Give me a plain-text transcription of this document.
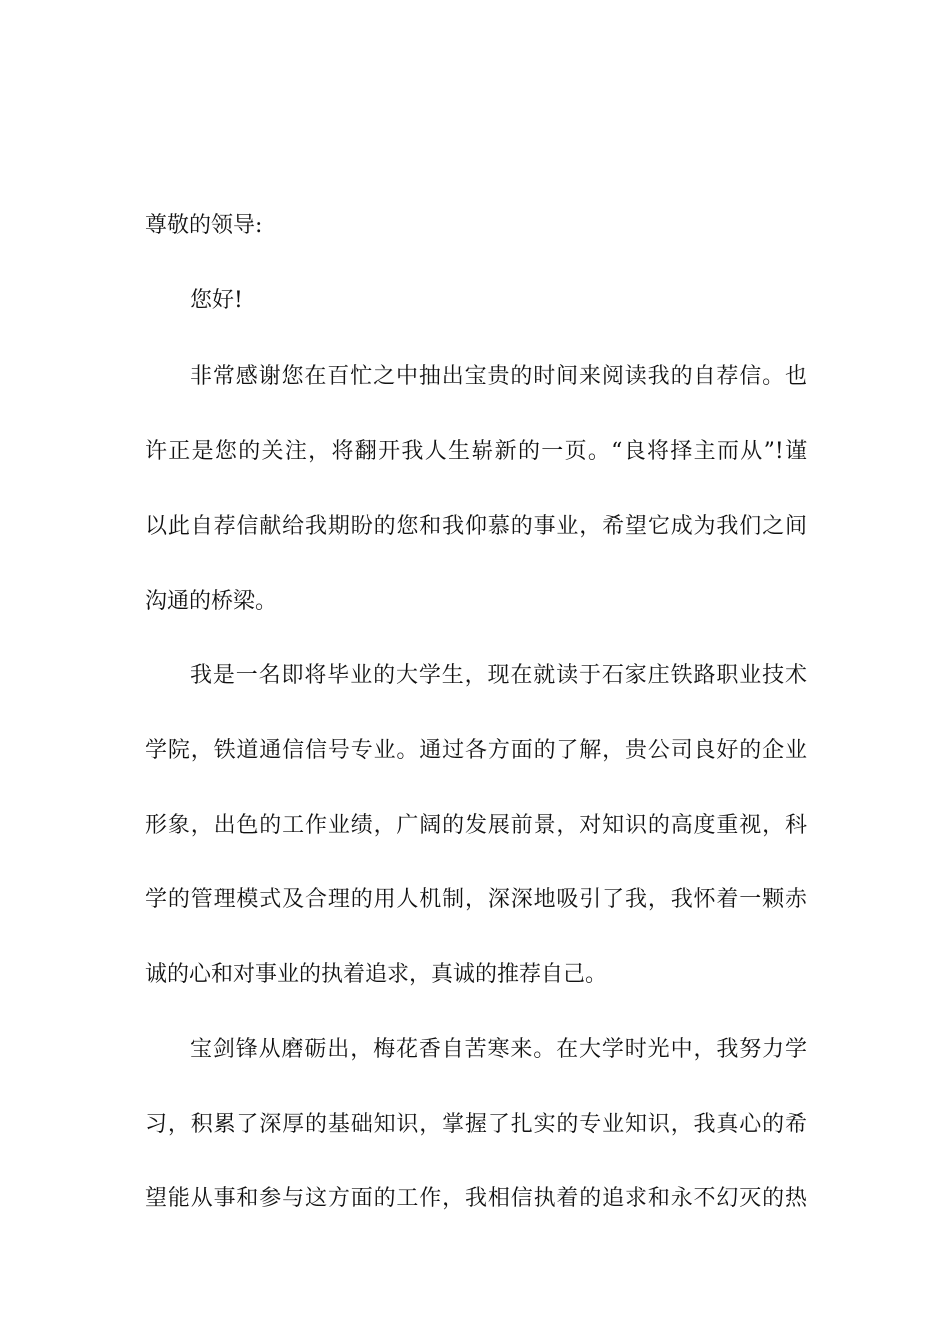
尊敬的领导:
您好!
非常感谢您在百忙之中抽出宝贵的时间来阅读我的自荐信。也
许正是您的关注，将翻开我人生崭新的一页。“良将择主而从”!谨
以此自荐信献给我期盼的您和我仰慕的事业，希望它成为我们之间
沟通的桥梁。
我是一名即将毕业的大学生，现在就读于石家庄铁路职业技术
学院，铁道通信信号专业。通过各方面的了解，贵公司良好的企业
形象，出色的工作业绩，广阔的发展前景，对知识的高度重视，科
学的管理模式及合理的用人机制，深深地吸引了我，我怀着一颗赤
诚的心和对事业的执着追求，真诚的推荐自己。
宝剑锋从磨砺出，梅花香自苦寒来。在大学时光中，我努力学
习，积累了深厚的基础知识，掌握了扎实的专业知识，我真心的希
望能从事和参与这方面的工作，我相信执着的追求和永不幻灭的热
